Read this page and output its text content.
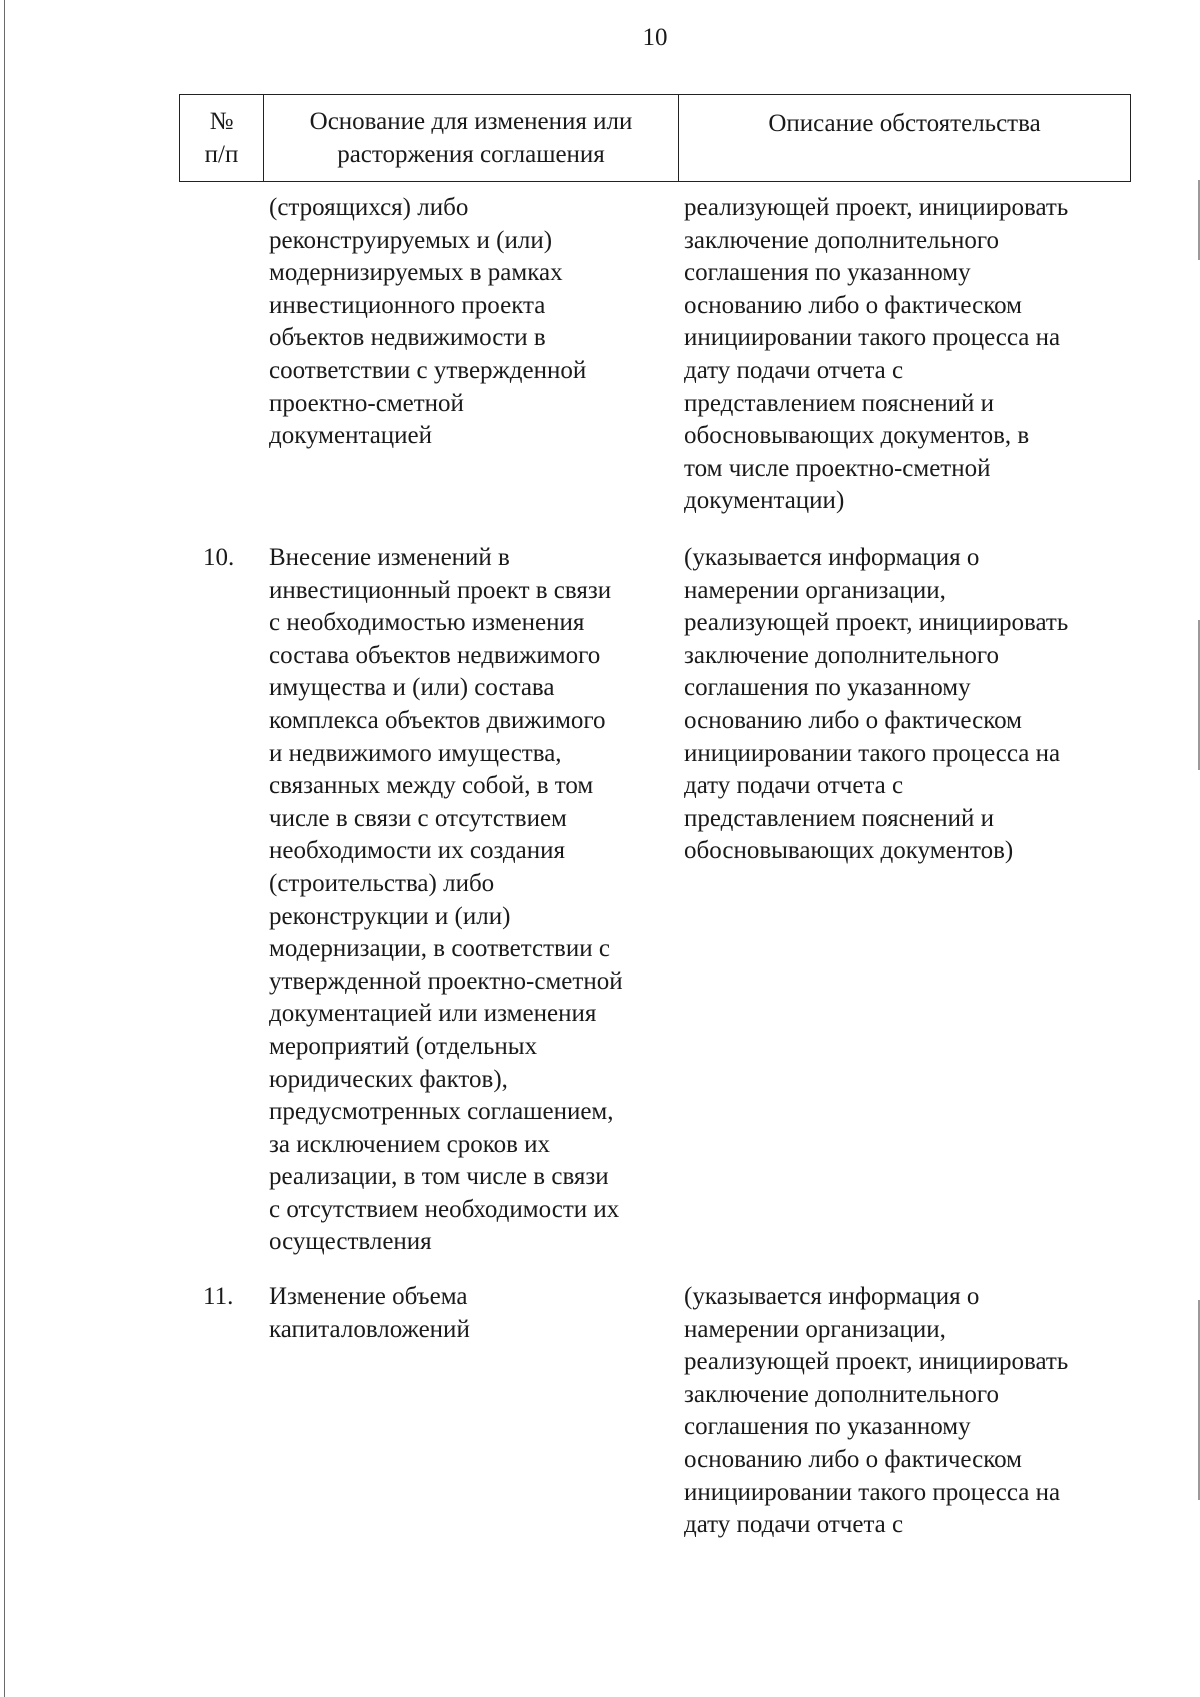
10
№
п/п
Основание для изменения или
расторжения соглашения
Описание обстоятельства
(строящихся) либо
реконструируемых и (или)
модернизируемых в рамках
инвестиционного проекта
объектов недвижимости в
соответствии с утвержденной
проектно-сметной
документацией
реализующей проект, инициировать
заключение дополнительного
соглашения по указанному
основанию либо о фактическом
инициировании такого процесса на
дату подачи отчета с
представлением пояснений и
обосновывающих документов, в
том числе проектно-сметной
документации)
10. Внесение изменений в
инвестиционный проект в связи
с необходимостью изменения
состава объектов недвижимого
имущества и (или) состава
комплекса объектов движимого
и недвижимого имущества,
связанных между собой, в том
числе в связи с отсутствием
необходимости их создания
(строительства) либо
реконструкции и (или)
модернизации, в соответствии с
утвержденной проектно-сметной
документацией или изменения
мероприятий (отдельных
юридических фактов),
предусмотренных соглашением,
за исключением сроков их
реализации, в том числе в связи
с отсутствием необходимости их
осуществления
(указывается информация о
намерении организации,
реализующей проект, инициировать
заключение дополнительного
соглашения по указанному
основанию либо о фактическом
инициировании такого процесса на
дату подачи отчета с
представлением пояснений и
обосновывающих документов)
11. Изменение объема
капиталовложений
(указывается информация о
намерении организации,
реализующей проект, инициировать
заключение дополнительного
соглашения по указанному
основанию либо о фактическом
инициировании такого процесса на
дату подачи отчета с
